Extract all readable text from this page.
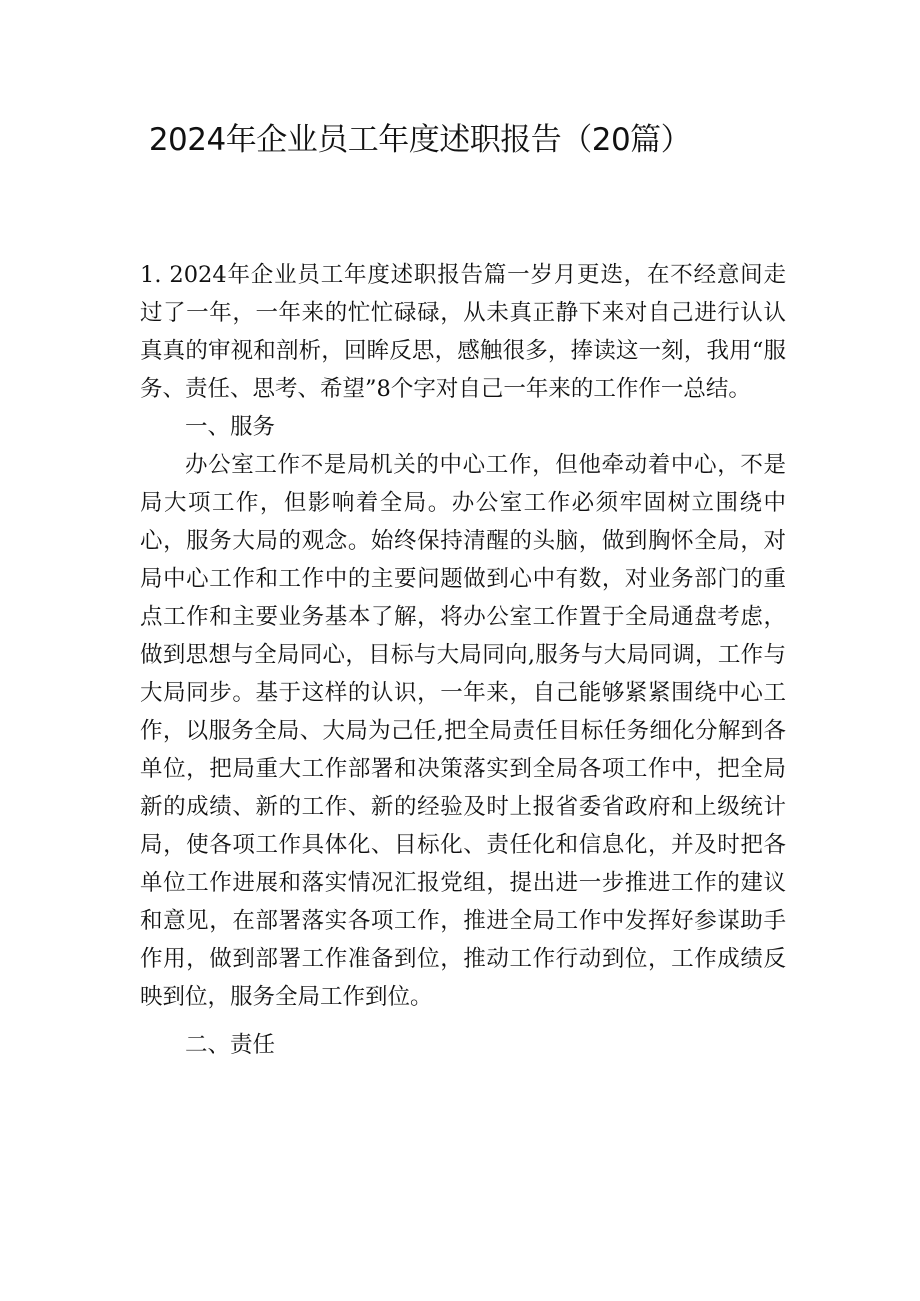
2024年企业员工年度述职报告（20篇）

1. 2024年企业员工年度述职报告篇一岁月更迭，在不经意间走过了一年，一年来的忙忙碌碌，从未真正静下来对自己进行认认真真的审视和剖析，回眸反思，感触很多，捧读这一刻，我用“服务、责任、思考、希望”8个字对自己一年来的工作作一总结。

一、服务

办公室工作不是局机关的中心工作，但他牵动着中心，不是局大项工作，但影响着全局。办公室工作必须牢固树立围绕中心，服务大局的观念。始终保持清醒的头脑，做到胸怀全局，对局中心工作和工作中的主要问题做到心中有数，对业务部门的重点工作和主要业务基本了解，将办公室工作置于全局通盘考虑，做到思想与全局同心，目标与大局同向,服务与大局同调，工作与大局同步。基于这样的认识，一年来，自己能够紧紧围绕中心工作，以服务全局、大局为己任,把全局责任目标任务细化分解到各单位，把局重大工作部署和决策落实到全局各项工作中，把全局新的成绩、新的工作、新的经验及时上报省委省政府和上级统计局，使各项工作具体化、目标化、责任化和信息化，并及时把各单位工作进展和落实情况汇报党组，提出进一步推进工作的建议和意见，在部署落实各项工作，推进全局工作中发挥好参谋助手作用，做到部署工作准备到位，推动工作行动到位，工作成绩反映到位，服务全局工作到位。

二、责任
